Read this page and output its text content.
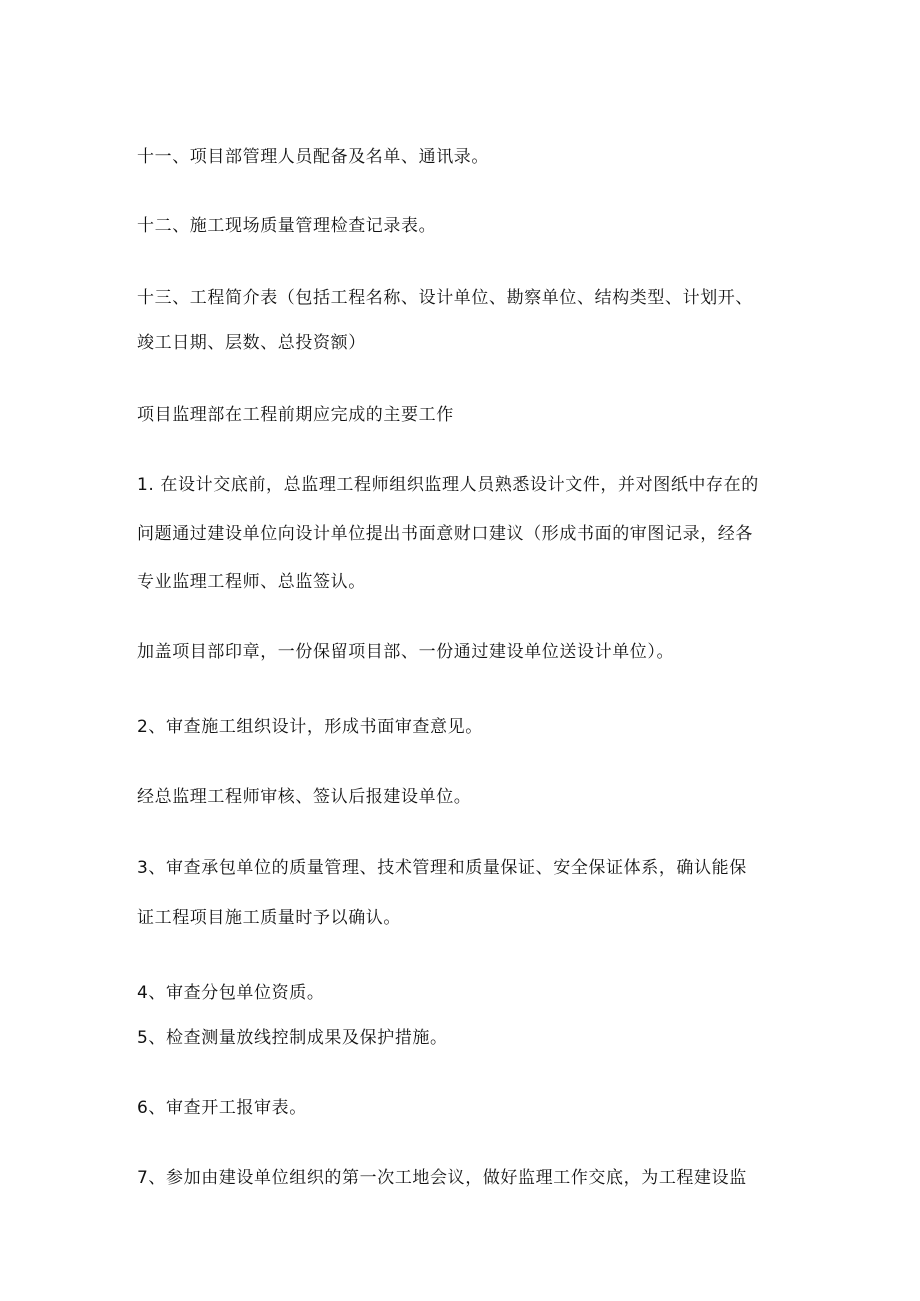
十一、项目部管理人员配备及名单、通讯录。
十二、施工现场质量管理检查记录表。
十三、工程简介表（包括工程名称、设计单位、勘察单位、结构类型、计划开、
竣工日期、层数、总投资额）
项目监理部在工程前期应完成的主要工作
1. 在设计交底前，总监理工程师组织监理人员熟悉设计文件，并对图纸中存在的
问题通过建设单位向设计单位提出书面意财口建议（形成书面的审图记录，经各
专业监理工程师、总监签认。
加盖项目部印章，一份保留项目部、一份通过建设单位送设计单位）。
2、审查施工组织设计，形成书面审查意见。
经总监理工程师审核、签认后报建设单位。
3、审查承包单位的质量管理、技术管理和质量保证、安全保证体系，确认能保
证工程项目施工质量时予以确认。
4、审查分包单位资质。
5、检查测量放线控制成果及保护措施。
6、审查开工报审表。
7、参加由建设单位组织的第一次工地会议，做好监理工作交底，为工程建设监
